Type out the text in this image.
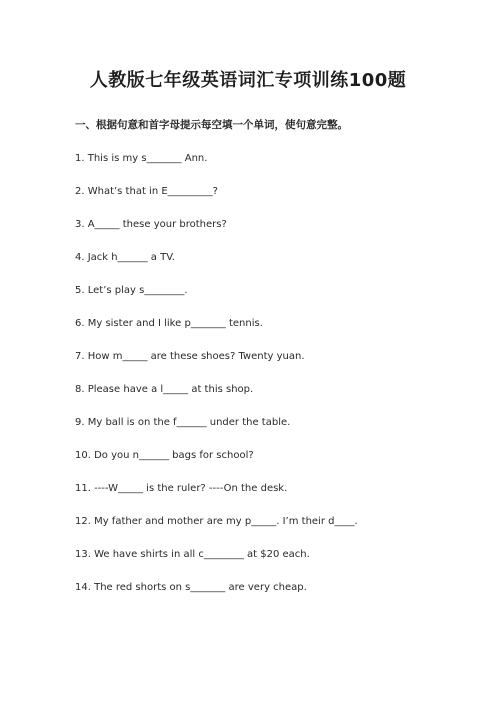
人教版七年级英语词汇专项训练100题
一、根据句意和首字母提示每空填一个单词，使句意完整。
1. This is my s_______ Ann.
2. What’s that in E_________?
3. A_____ these your brothers?
4. Jack h______ a TV.
5. Let’s play s________.
6. My sister and I like p_______ tennis.
7. How m_____ are these shoes? Twenty yuan.
8. Please have a l_____ at this shop.
9. My ball is on the f______ under the table.
10. Do you n______ bags for school?
11. ----W_____ is the ruler? ----On the desk.
12. My father and mother are my p_____. I’m their d____.
13. We have shirts in all c________ at $20 each.
14. The red shorts on s_______ are very cheap.
